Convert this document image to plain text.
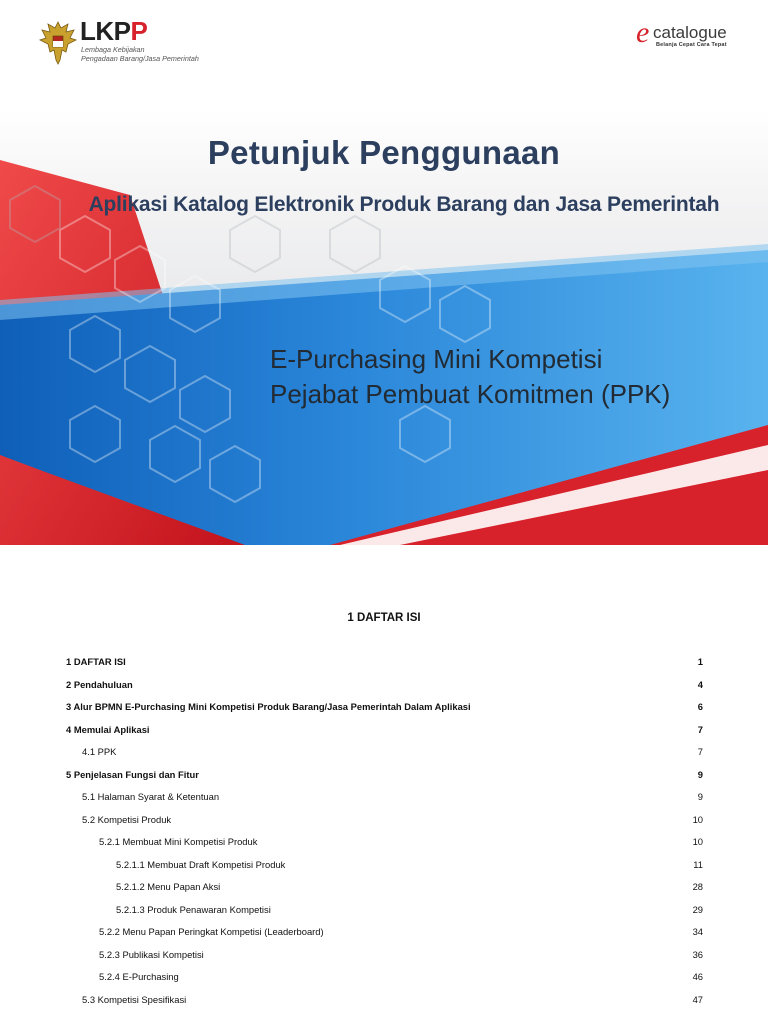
LKPP
Lembaga Kebijakan
Pengadaan Barang/Jasa Pemerintah
e catalogue
Belanja Cepat Cara Tepat
Petunjuk Penggunaan
Aplikasi Katalog Elektronik Produk Barang dan Jasa Pemerintah
E-Purchasing Mini Kompetisi
Pejabat Pembuat Komitmen (PPK)
1 DAFTAR ISI
1 DAFTAR ISI	1
2 Pendahuluan	4
3 Alur BPMN E-Purchasing Mini Kompetisi Produk Barang/Jasa Pemerintah Dalam Aplikasi	6
4 Memulai Aplikasi	7
4.1 PPK	7
5 Penjelasan Fungsi dan Fitur	9
5.1 Halaman Syarat & Ketentuan	9
5.2 Kompetisi Produk	10
5.2.1 Membuat Mini Kompetisi Produk	10
5.2.1.1 Membuat Draft Kompetisi Produk	11
5.2.1.2 Menu Papan Aksi	28
5.2.1.3 Produk Penawaran Kompetisi	29
5.2.2 Menu Papan Peringkat Kompetisi (Leaderboard)	34
5.2.3 Publikasi Kompetisi	36
5.2.4 E-Purchasing	46
5.3 Kompetisi Spesifikasi	47
